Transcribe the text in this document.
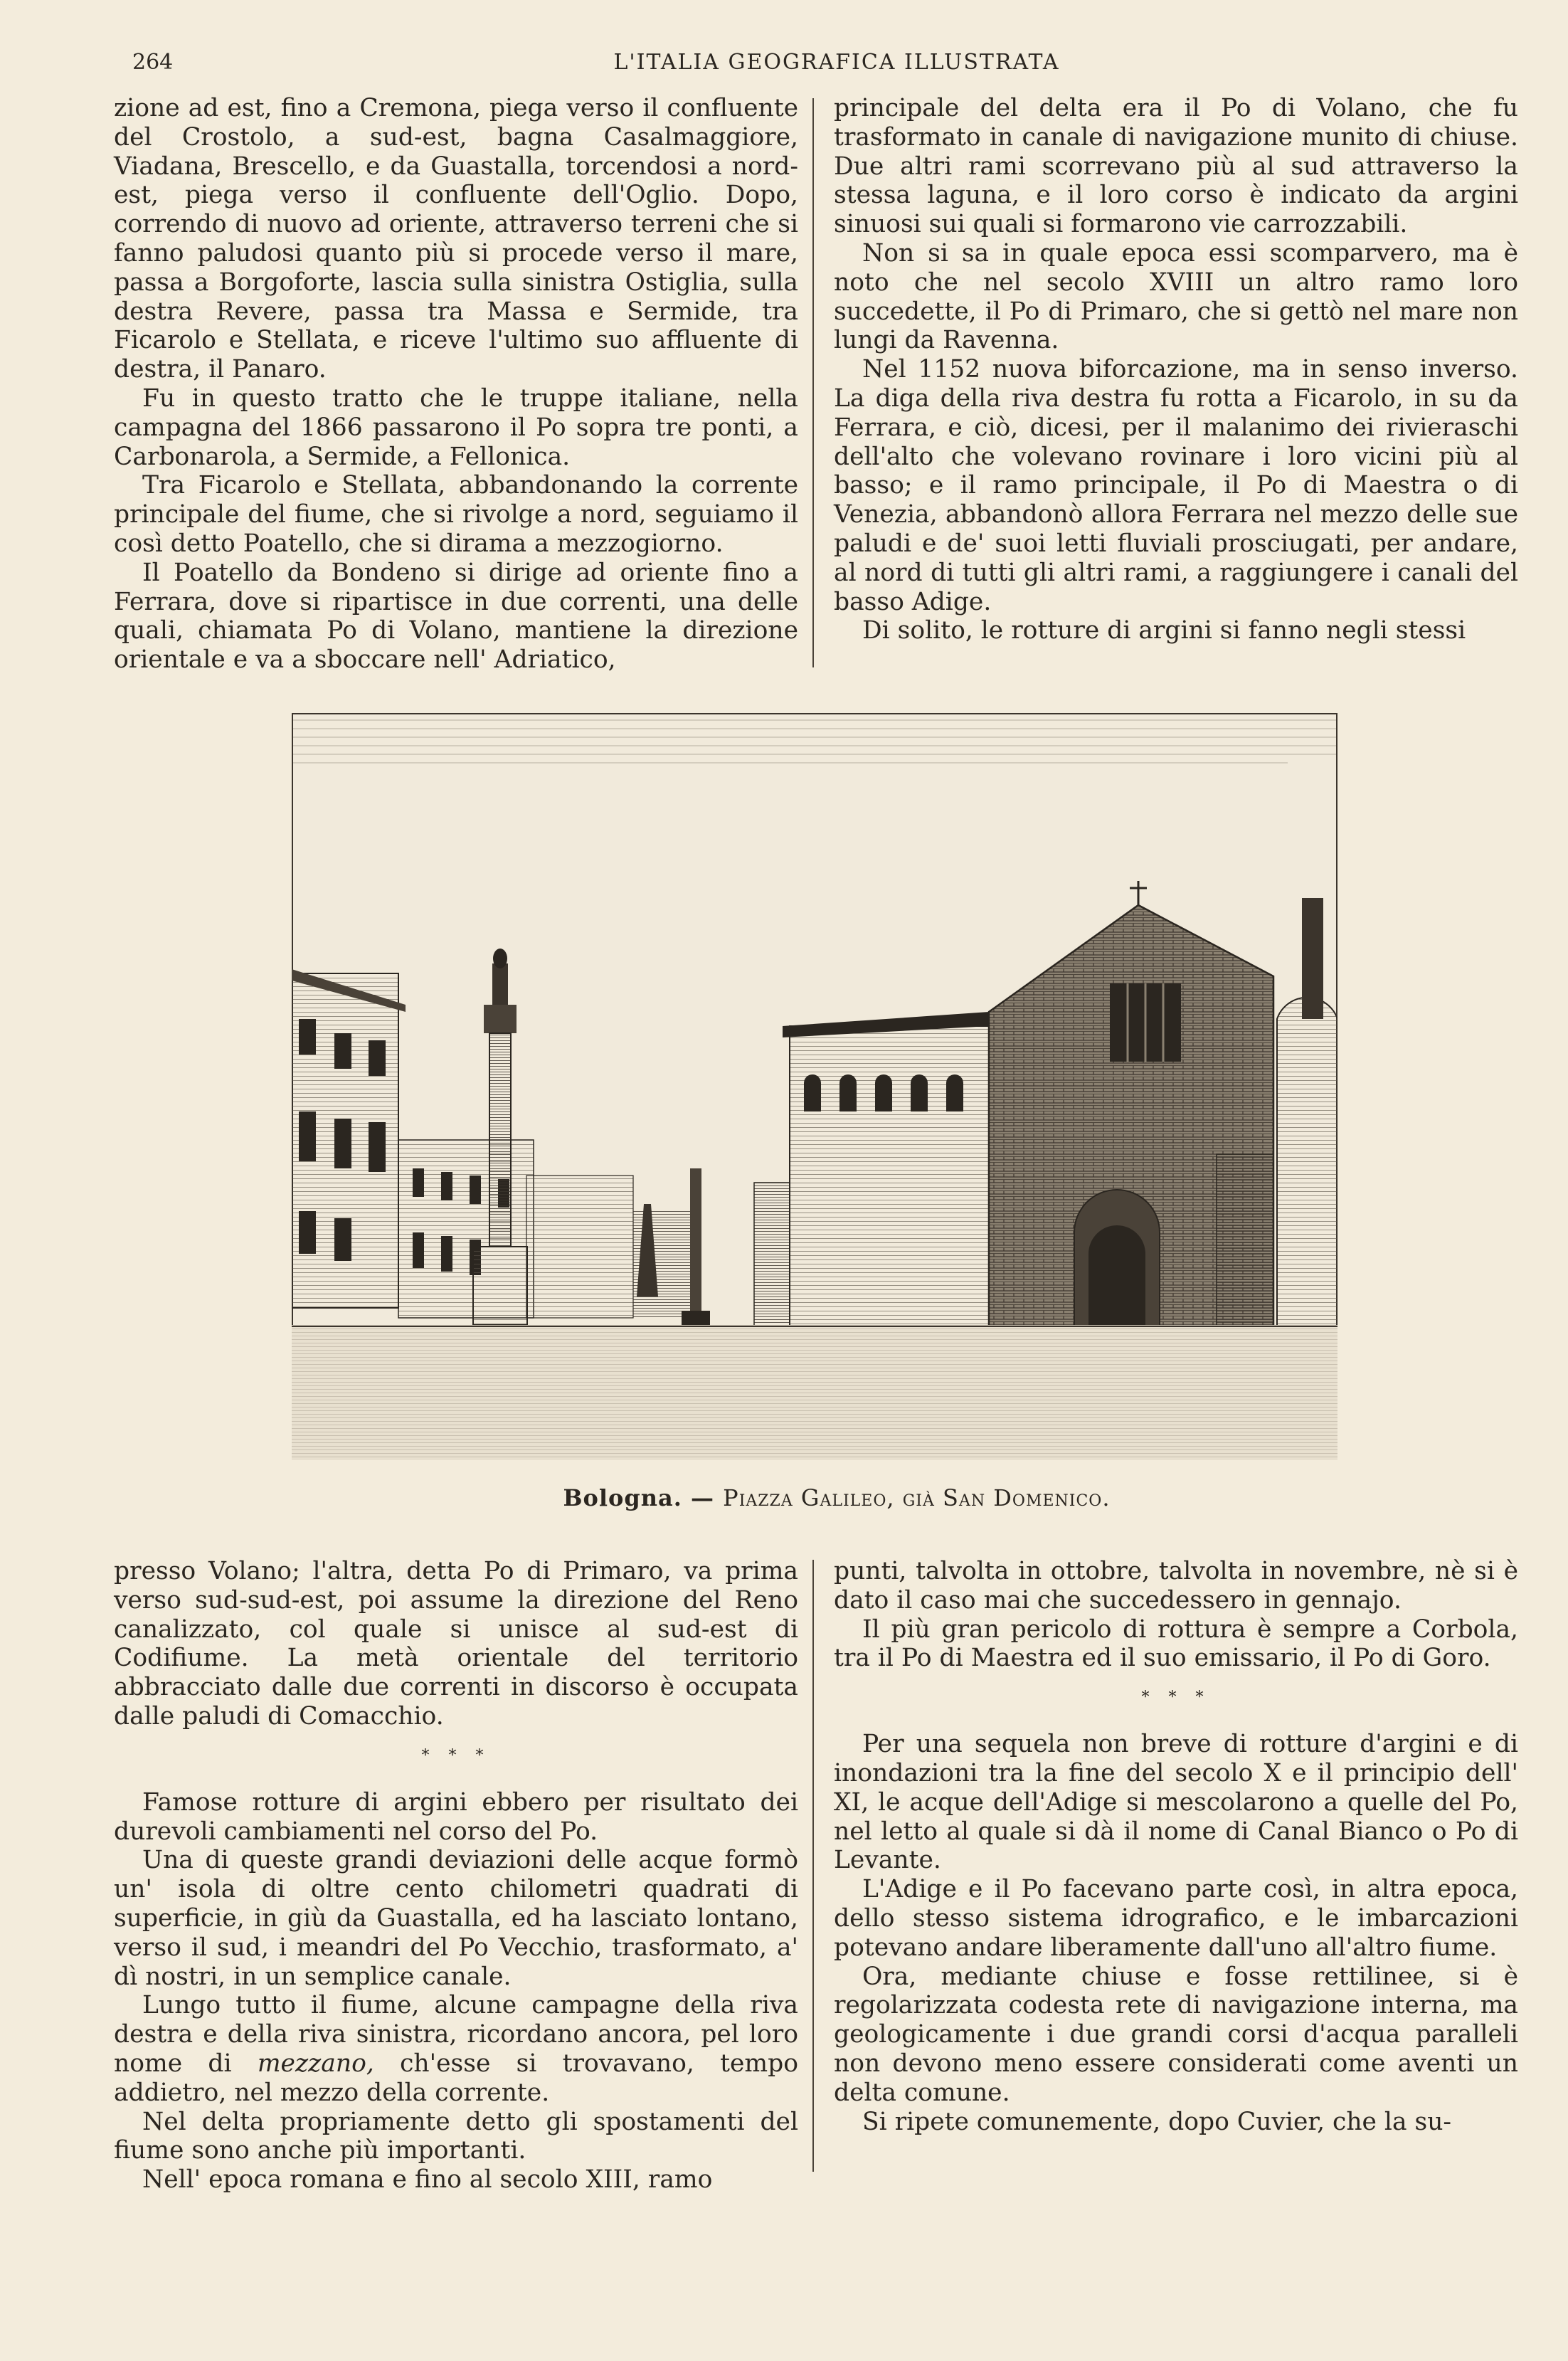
264	L'ITALIA GEOGRAFICA ILLUSTRATA

zione ad est, fino a Cremona, piega verso il confluente del Crostolo, a sud-est, bagna Casalmaggiore, Viadana, Brescello, e da Guastalla, torcendosi a nord-est, piega verso il confluente dell'Oglio. Dopo, correndo di nuovo ad oriente, attraverso terreni che si fanno paludosi quanto più si procede verso il mare, passa a Borgoforte, lascia sulla sinistra Ostiglia, sulla destra Revere, passa tra Massa e Sermide, tra Ficarolo e Stellata, e riceve l'ultimo suo affluente di destra, il Panaro.

Fu in questo tratto che le truppe italiane, nella campagna del 1866 passarono il Po sopra tre ponti, a Carbonarola, a Sermide, a Fellonica.

Tra Ficarolo e Stellata, abbandonando la corrente principale del fiume, che si rivolge a nord, seguiamo il così detto Poatello, che si dirama a mezzogiorno.

Il Poatello da Bondeno si dirige ad oriente fino a Ferrara, dove si ripartisce in due correnti, una delle quali, chiamata Po di Volano, mantiene la direzione orientale e va a sboccare nell' Adriatico,

principale del delta era il Po di Volano, che fu trasformato in canale di navigazione munito di chiuse. Due altri rami scorrevano più al sud attraverso la stessa laguna, e il loro corso è indicato da argini sinuosi sui quali si formarono vie carrozzabili.

Non si sa in quale epoca essi scomparvero, ma è noto che nel secolo XVIII un altro ramo loro succedette, il Po di Primaro, che si gettò nel mare non lungi da Ravenna.

Nel 1152 nuova biforcazione, ma in senso inverso. La diga della riva destra fu rotta a Ficarolo, in su da Ferrara, e ciò, dicesi, per il malanimo dei rivieraschi dell'alto che volevano rovinare i loro vicini più al basso; e il ramo principale, il Po di Maestra o di Venezia, abbandonò allora Ferrara nel mezzo delle sue paludi e de' suoi letti fluviali prosciugati, per andare, al nord di tutti gli altri rami, a raggiungere i canali del basso Adige.

Di solito, le rotture di argini si fanno negli stessi

Bologna. — Piazza Galileo, già San Domenico.

presso Volano; l'altra, detta Po di Primaro, va prima verso sud-sud-est, poi assume la direzione del Reno canalizzato, col quale si unisce al sud-est di Codifiume. La metà orientale del territorio abbracciato dalle due correnti in discorso è occupata dalle paludi di Comacchio.

* * *

Famose rotture di argini ebbero per risultato dei durevoli cambiamenti nel corso del Po.

Una di queste grandi deviazioni delle acque formò un' isola di oltre cento chilometri quadrati di superficie, in giù da Guastalla, ed ha lasciato lontano, verso il sud, i meandri del Po Vecchio, trasformato, a' dì nostri, in un semplice canale.

Lungo tutto il fiume, alcune campagne della riva destra e della riva sinistra, ricordano ancora, pel loro nome di mezzano, ch'esse si trovavano, tempo addietro, nel mezzo della corrente.

Nel delta propriamente detto gli spostamenti del fiume sono anche più importanti.

Nell' epoca romana e fino al secolo XIII, ramo

punti, talvolta in ottobre, talvolta in novembre, nè si è dato il caso mai che succedessero in gennajo.

Il più gran pericolo di rottura è sempre a Corbola, tra il Po di Maestra ed il suo emissario, il Po di Goro.

* * *

Per una sequela non breve di rotture d'argini e di inondazioni tra la fine del secolo X e il principio dell' XI, le acque dell'Adige si mescolarono a quelle del Po, nel letto al quale si dà il nome di Canal Bianco o Po di Levante.

L'Adige e il Po facevano parte così, in altra epoca, dello stesso sistema idrografico, e le imbarcazioni potevano andare liberamente dall'uno all'altro fiume.

Ora, mediante chiuse e fosse rettilinee, si è regolarizzata codesta rete di navigazione interna, ma geologicamente i due grandi corsi d'acqua paralleli non devono meno essere considerati come aventi un delta comune.

Si ripete comunemente, dopo Cuvier, che la su-
